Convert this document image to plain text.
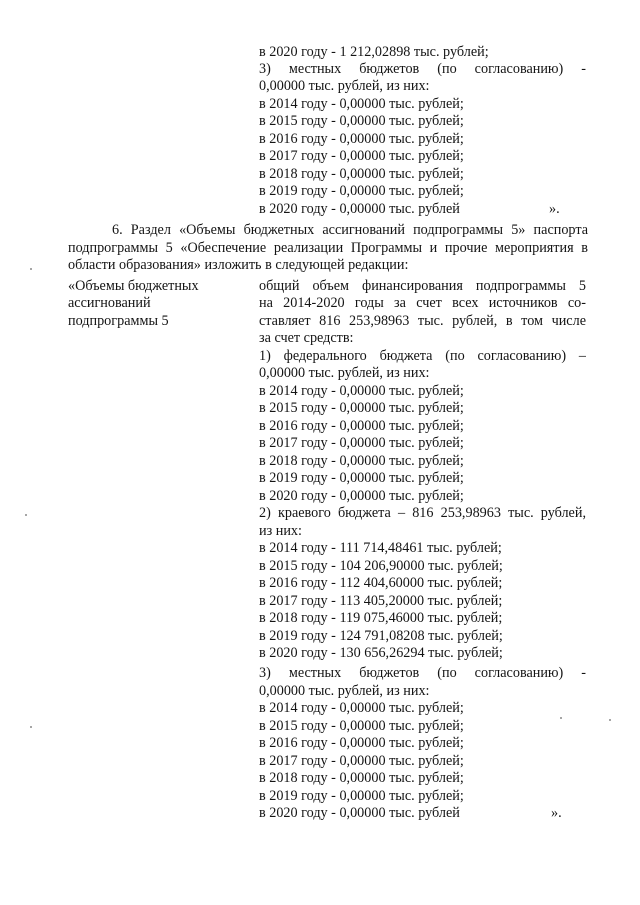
в 2020 году - 1 212,02898 тыс. рублей;
3) местных бюджетов (по согласованию) -
0,00000 тыс. рублей, из них:
в 2014 году - 0,00000 тыс. рублей;
в 2015 году - 0,00000 тыс. рублей;
в 2016 году - 0,00000 тыс. рублей;
в 2017 году - 0,00000 тыс. рублей;
в 2018 году - 0,00000 тыс. рублей;
в 2019 году - 0,00000 тыс. рублей;
в 2020 году - 0,00000 тыс. рублей	».
6. Раздел «Объемы бюджетных ассигнований подпрограммы 5» паспорта
подпрограммы 5 «Обеспечение реализации Программы и прочие мероприятия в
области образования» изложить в следующей редакции:
«Объемы бюджетных
ассигнований
подпрограммы 5
общий объем финансирования подпрограммы 5
на 2014-2020 годы за счет всех источников со-
ставляет 816 253,98963 тыс. рублей, в том числе
за счет средств:
1) федерального бюджета (по согласованию) –
0,00000 тыс. рублей, из них:
в 2014 году - 0,00000 тыс. рублей;
в 2015 году - 0,00000 тыс. рублей;
в 2016 году - 0,00000 тыс. рублей;
в 2017 году - 0,00000 тыс. рублей;
в 2018 году - 0,00000 тыс. рублей;
в 2019 году - 0,00000 тыс. рублей;
в 2020 году - 0,00000 тыс. рублей;
2) краевого бюджета – 816 253,98963 тыс. рублей,
из них:
в 2014 году - 111 714,48461 тыс. рублей;
в 2015 году - 104 206,90000 тыс. рублей;
в 2016 году - 112 404,60000 тыс. рублей;
в 2017 году - 113 405,20000 тыс. рублей;
в 2018 году - 119 075,46000 тыс. рублей;
в 2019 году - 124 791,08208 тыс. рублей;
в 2020 году - 130 656,26294 тыс. рублей;
3) местных бюджетов (по согласованию) -
0,00000 тыс. рублей, из них:
в 2014 году - 0,00000 тыс. рублей;
в 2015 году - 0,00000 тыс. рублей;
в 2016 году - 0,00000 тыс. рублей;
в 2017 году - 0,00000 тыс. рублей;
в 2018 году - 0,00000 тыс. рублей;
в 2019 году - 0,00000 тыс. рублей;
в 2020 году - 0,00000 тыс. рублей	».
